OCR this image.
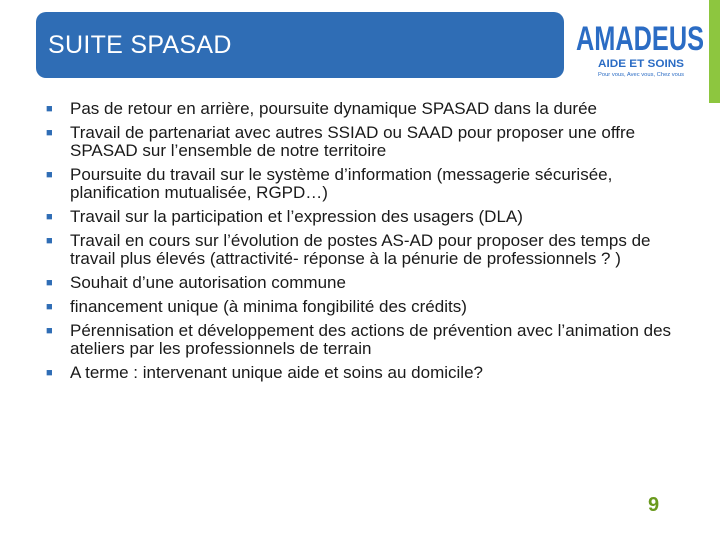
SUITE SPASAD	AMADEUS
AIDE ET SOINS
Pour vous, Avec vous, Chez vous
■ Pas de retour en arrière, poursuite dynamique SPASAD dans la durée
■ Travail de partenariat avec autres SSIAD ou SAAD pour proposer une offre SPASAD sur l’ensemble de notre territoire
■ Poursuite du travail sur le système d’information (messagerie sécurisée, planification mutualisée, RGPD…)
■ Travail sur la participation et l’expression des usagers (DLA)
■ Travail en cours sur l’évolution de postes AS-AD pour proposer des temps de travail plus élevés (attractivité- réponse à la pénurie de professionnels ? )
■ Souhait d’une autorisation commune
■ financement unique (à minima fongibilité des crédits)
■ Pérennisation et développement des actions de prévention avec l’animation des ateliers par les professionnels de terrain
■ A terme : intervenant unique aide et soins au domicile?
9
